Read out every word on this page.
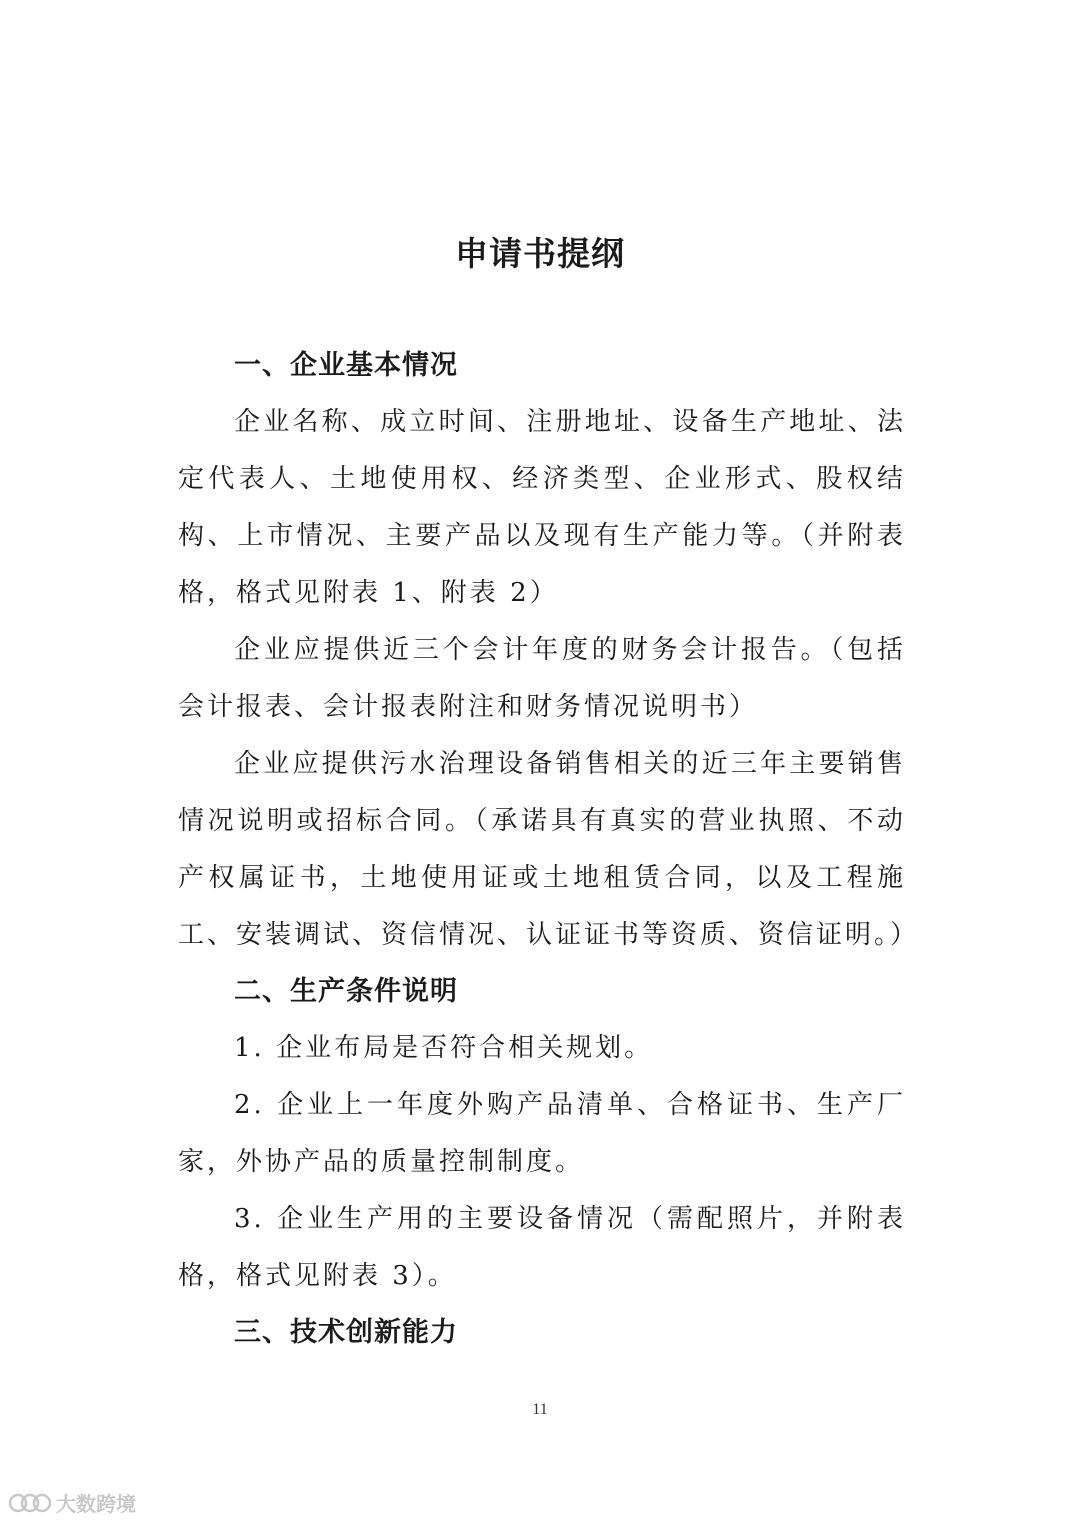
申请书提纲
一、企业基本情况

企业名称、成立时间、注册地址、设备生产地址、法定代表人、土地使用权、经济类型、企业形式、股权结构、上市情况、主要产品以及现有生产能力等。（并附表格，格式见附表 1、附表 2）

企业应提供近三个会计年度的财务会计报告。（包括会计报表、会计报表附注和财务情况说明书）

企业应提供污水治理设备销售相关的近三年主要销售情况说明或招标合同。（承诺具有真实的营业执照、不动产权属证书，土地使用证或土地租赁合同，以及工程施工、安装调试、资信情况、认证证书等资质、资信证明。）

二、生产条件说明

1. 企业布局是否符合相关规划。

2. 企业上一年度外购产品清单、合格证书、生产厂家，外协产品的质量控制制度。

3. 企业生产用的主要设备情况（需配照片，并附表格，格式见附表 3）。

三、技术创新能力
11
大数跨境
